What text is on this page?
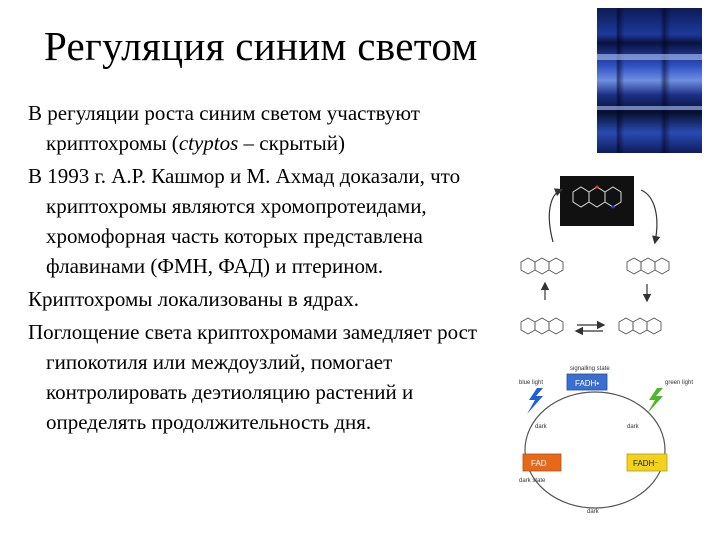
Регуляция синим светом

В регуляции роста синим светом участвуют криптохромы (ctyptos – скрытый)

В 1993 г. А.Р. Кашмор и М. Ахмад доказали, что криптохромы являются хромопротеидами, хромофорная часть которых представлена флавинами (ФМН, ФАД) и птерином.

Криптохромы локализованы в ядрах.

Поглощение света криптохромами замедляет рост гипокотиля или междоузлий, помогает контролировать деэтиоляцию растений и определять продолжительность дня.

signalling state
FADH•
blue light	green light
dark	dark
FAD
dark state
FADH⁻
dark
